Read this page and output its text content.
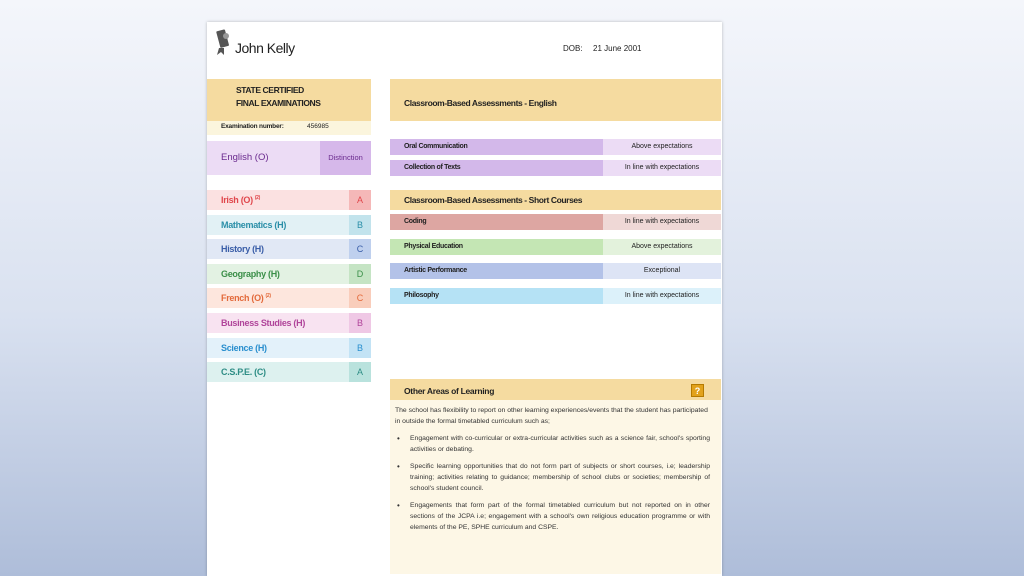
John Kelly	DOB: 21 June 2001
STATE CERTIFIED
FINAL EXAMINATIONS
Examination number:	456985
English (O)	Distinction
Irish (O) $^{(2)}$	A
Mathematics (H)	B
History (H)	C
Geography (H)	D
French (O) $^{(2)}$	C
Business Studies (H)	B
Science (H)	B
C.S.P.E. (C)	A
Classroom-Based Assessments - English
Oral Communication	Above expectations
Collection of Texts	In line with expectations
Classroom-Based Assessments - Short Courses
Coding	In line with expectations
Physical Education	Above expectations
Artistic Performance	Exceptional
Philosophy	In line with expectations
Other Areas of Learning	?
The school has flexibility to report on other learning experiences/events that the student has participated in outside the formal timetabled curriculum such as;
• Engagement with co-curricular or extra-curricular activities such as a science fair, school's sporting activities or debating.
• Specific learning opportunities that do not form part of subjects or short courses, i.e; leadership training; activities relating to guidance; membership of school clubs or societies; membership of school's student council.
• Engagements that form part of the formal timetabled curriculum but not reported on in other sections of the JCPA i.e; engagement with a school's own religious education programme or with elements of the PE, SPHE curriculum and CSPE.
